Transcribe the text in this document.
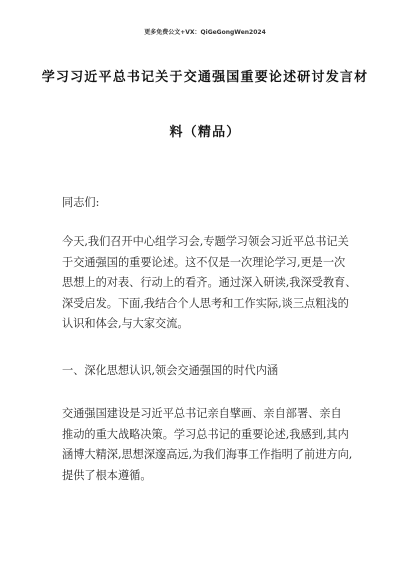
更多免费公文+VX：QiGeGongWen2024
学习习近平总书记关于交通强国重要论述研讨发言材
料（精品）
同志们:
今天,我们召开中心组学习会,专题学习领会习近平总书记关
于交通强国的重要论述。这不仅是一次理论学习,更是一次
思想上的对表、行动上的看齐。通过深入研读,我深受教育、
深受启发。下面,我结合个人思考和工作实际,谈三点粗浅的
认识和体会,与大家交流。
一、深化思想认识,领会交通强国的时代内涵
交通强国建设是习近平总书记亲自擘画、亲自部署、亲自
推动的重大战略决策。学习总书记的重要论述,我感到,其内
涵博大精深,思想深邃高远,为我们海事工作指明了前进方向,
提供了根本遵循。
